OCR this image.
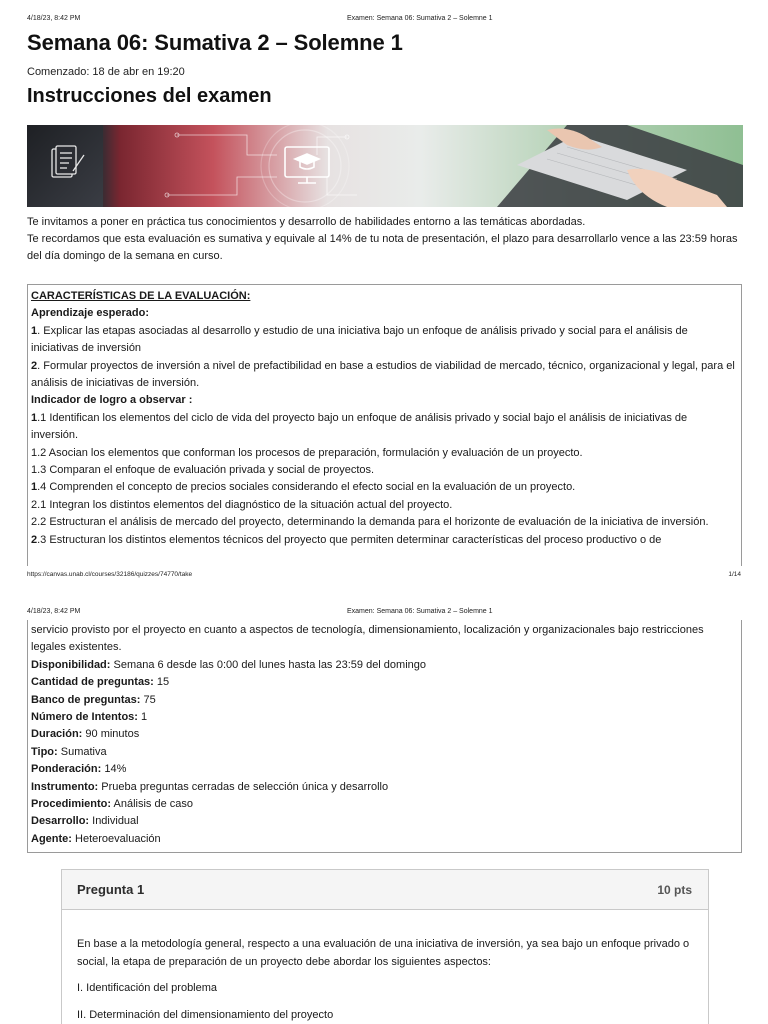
4/18/23, 8:42 PM	Examen: Semana 06: Sumativa 2 – Solemne 1
Semana 06: Sumativa 2 – Solemne 1
Comenzado: 18 de abr en 19:20
Instrucciones del examen

Te invitamos a poner en práctica tus conocimientos y desarrollo de habilidades entorno a las temáticas abordadas.

Te recordamos que esta evaluación es sumativa y equivale al 14% de tu nota de presentación, el plazo para desarrollarlo vence a las 23:59 horas del día domingo de la semana en curso.

CARACTERÍSTICAS DE LA EVALUACIÓN:

Aprendizaje esperado:

1. Explicar las etapas asociadas al desarrollo y estudio de una iniciativa bajo un enfoque de análisis privado y social para el análisis de iniciativas de inversión

2. Formular proyectos de inversión a nivel de prefactibilidad en base a estudios de viabilidad de mercado, técnico, organizacional y legal, para el análisis de iniciativas de inversión.

Indicador de logro a observar :

1.1 Identifican los elementos del ciclo de vida del proyecto bajo un enfoque de análisis privado y social bajo el análisis de iniciativas de inversión.

1.2 Asocian los elementos que conforman los procesos de preparación, formulación y evaluación de un proyecto.

1.3 Comparan el enfoque de evaluación privada y social de proyectos.

1.4 Comprenden el concepto de precios sociales considerando el efecto social en la evaluación de un proyecto.

2.1 Integran los distintos elementos del diagnóstico de la situación actual del proyecto.

2.2 Estructuran el análisis de mercado del proyecto, determinando la demanda para el horizonte de evaluación de la iniciativa de inversión.

2.3 Estructuran los distintos elementos técnicos del proyecto que permiten determinar características del proceso productivo o de

https://canvas.unab.cl/courses/32186/quizzes/74770/take	1/14
4/18/23, 8:42 PM	Examen: Semana 06: Sumativa 2 – Solemne 1

servicio provisto por el proyecto en cuanto a aspectos de tecnología, dimensionamiento, localización y organizacionales bajo restricciones legales existentes.

Disponibilidad: Semana 6 desde las 0:00 del lunes hasta las 23:59 del domingo

Cantidad de preguntas: 15

Banco de preguntas: 75

Número de Intentos: 1

Duración: 90 minutos

Tipo: Sumativa

Ponderación: 14%

Instrumento: Prueba preguntas cerradas de selección única y desarrollo

Procedimiento: Análisis de caso

Desarrollo: Individual

Agente: Heteroevaluación

Pregunta 1	10 pts

En base a la metodología general, respecto a una evaluación de una iniciativa de inversión, ya sea bajo un enfoque privado o social, la etapa de preparación de un proyecto debe abordar los siguientes aspectos:

I. Identificación del problema
II. Determinación del dimensionamiento del proyecto
